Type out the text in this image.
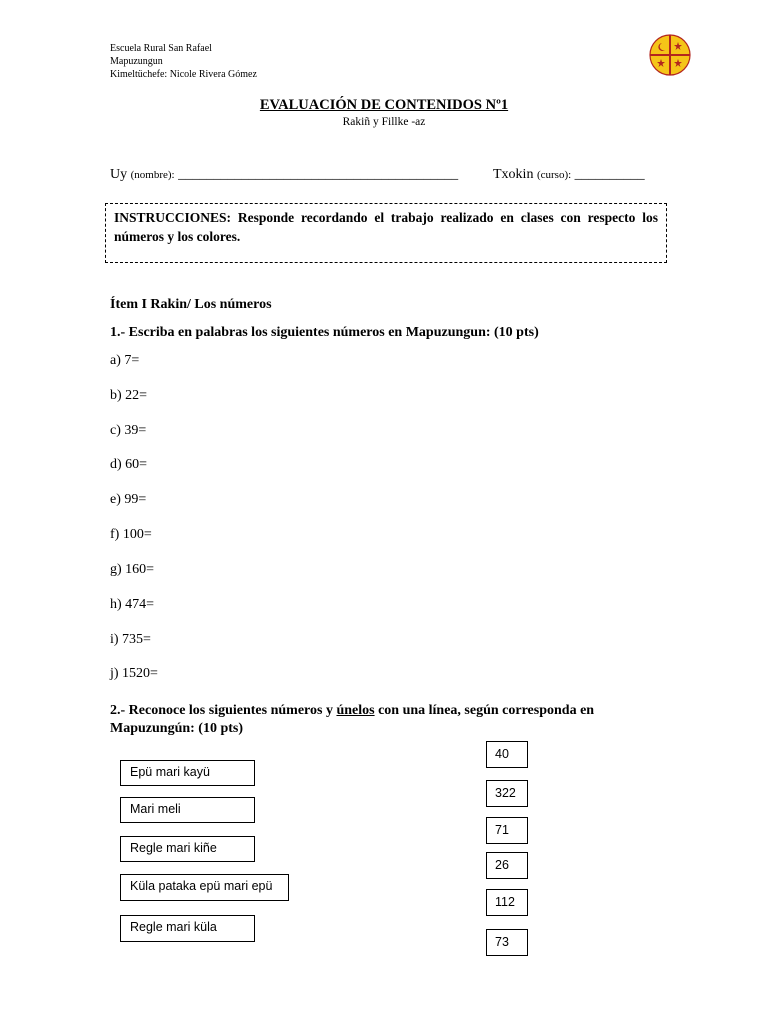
Escuela Rural San Rafael
Mapuzungun
Kimeltüchefe: Nicole Rivera Gómez
EVALUACIÓN DE CONTENIDOS Nº1
Rakiñ y Fillke -az
Uy (nombre): ________________________________________ Txokin (curso): __________
INSTRUCCIONES: Responde recordando el trabajo realizado en clases con respecto los números y los colores.
Ítem I Rakin/ Los números
1.- Escriba en palabras los siguientes números en Mapuzungun: (10 pts)
a) 7=
b) 22=
c) 39=
d) 60=
e) 99=
f) 100=
g) 160=
h) 474=
i) 735=
j) 1520=
2.- Reconoce los siguientes números y únelos con una línea, según corresponda en Mapuzungún: (10 pts)
Epü mari kayü
Mari meli
Regle mari kiñe
Küla pataka epü mari epü
Regle mari küla
40
322
71
26
112
73
